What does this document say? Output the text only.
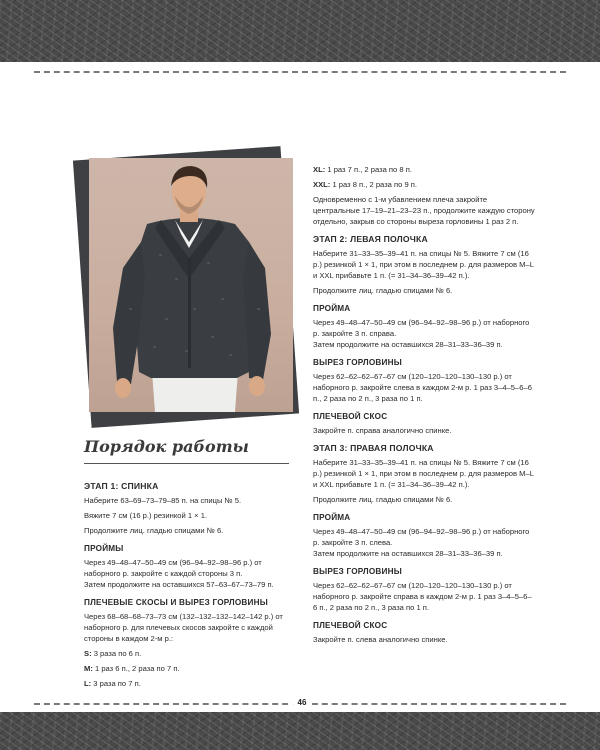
Порядок работы
ЭТАП 1: СПИНКА

Наберите 63–69–73–79–85 п. на спицы № 5.

Вяжите 7 см (16 р.) резинкой 1 × 1.

Продолжите лиц. гладью спицами № 6.

ПРОЙМЫ

Через 49–48–47–50–49 см (96–94–92–98–96 р.) от наборного р. закройте с каждой стороны 3 п.

Затем продолжите на оставшихся 57–63–67–73–79 п.

ПЛЕЧЕВЫЕ СКОСЫ И ВЫРЕЗ ГОРЛОВИНЫ

Через 68–68–68–73–73 см (132–132–132–142–142 р.) от наборного р. для плечевых скосов закройте с каждой стороны в каждом 2-м р.:

S: 3 раза по 6 п.

M: 1 раз 6 п., 2 раза по 7 п.

L: 3 раза по 7 п.

XL: 1 раз 7 п., 2 раза по 8 п.

XXL: 1 раз 8 п., 2 раза по 9 п.

Одновременно с 1-м убавлением плеча закройте центральные 17–19–21–23–23 п., продолжите каждую сторону отдельно, закрыв со стороны выреза горловины 1 раз 2 п.

ЭТАП 2: ЛЕВАЯ ПОЛОЧКА

Наберите 31–33–35–39–41 п. на спицы № 5. Вяжите 7 см (16 р.) резинкой 1 × 1, при этом в последнем р. для размеров M–L и XXL прибавьте 1 п. (= 31–34–36–39–42 п.).

Продолжите лиц. гладью спицами № 6.

ПРОЙМА

Через 49–48–47–50–49 см (96–94–92–98–96 р.) от наборного р. закройте 3 п. справа.

Затем продолжите на оставшихся 28–31–33–36–39 п.

ВЫРЕЗ ГОРЛОВИНЫ

Через 62–62–62–67–67 см (120–120–120–130–130 р.) от наборного р. закройте слева в каждом 2-м р. 1 раз 3–4–5–6–6 п., 2 раза по 2 п., 3 раза по 1 п.

ПЛЕЧЕВОЙ СКОС

Закройте п. справа аналогично спинке.

ЭТАП 3: ПРАВАЯ ПОЛОЧКА

Наберите 31–33–35–39–41 п. на спицы № 5. Вяжите 7 см (16 р.) резинкой 1 × 1, при этом в последнем р. для размеров M–L и XXL прибавьте 1 п. (= 31–34–36–39–42 п.).

Продолжите лиц. гладью спицами № 6.

ПРОЙМА

Через 49–48–47–50–49 см (96–94–92–98–96 р.) от наборного р. закройте 3 п. слева.

Затем продолжите на оставшихся 28–31–33–36–39 п.

ВЫРЕЗ ГОРЛОВИНЫ

Через 62–62–62–67–67 см (120–120–120–130–130 р.) от наборного р. закройте справа в каждом 2-м р. 1 раз 3–4–5–6–6 п., 2 раза по 2 п., 3 раза по 1 п.

ПЛЕЧЕВОЙ СКОС

Закройте п. слева аналогично спинке.

46
